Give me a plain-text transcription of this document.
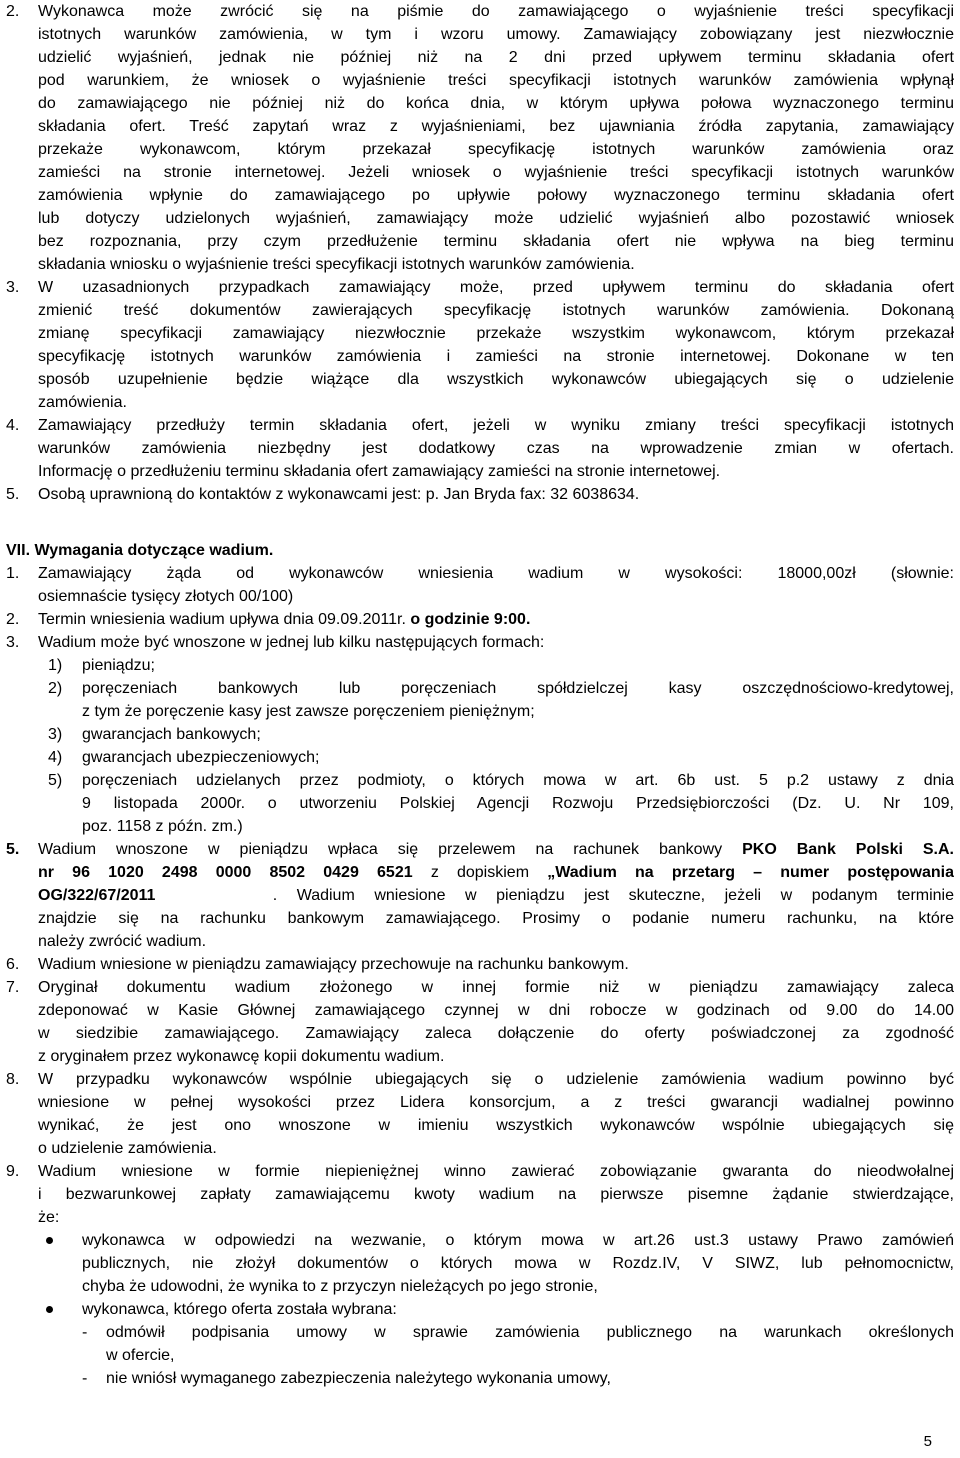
2. Wykonawca może zwrócić się na piśmie do zamawiającego o wyjaśnienie treści specyfikacji
istotnych warunków zamówienia, w tym i wzoru umowy. Zamawiający zobowiązany jest niezwłocznie
udzielić wyjaśnień, jednak nie później niż na 2 dni przed upływem terminu składania ofert
pod warunkiem, że wniosek o wyjaśnienie treści specyfikacji istotnych warunków zamówienia wpłynął
do zamawiającego nie później niż do końca dnia, w którym upływa połowa wyznaczonego terminu
składania ofert. Treść zapytań wraz z wyjaśnieniami, bez ujawniania źródła zapytania, zamawiający
przekaże wykonawcom, którym przekazał specyfikację istotnych warunków zamówienia oraz
zamieści na stronie internetowej. Jeżeli wniosek o wyjaśnienie treści specyfikacji istotnych warunków
zamówienia wpłynie do zamawiającego po upływie połowy wyznaczonego terminu składania ofert
lub dotyczy udzielonych wyjaśnień, zamawiający może udzielić wyjaśnień albo pozostawić wniosek
bez rozpoznania, przy czym przedłużenie terminu składania ofert nie wpływa na bieg terminu
składania wniosku o wyjaśnienie treści specyfikacji istotnych warunków zamówienia.
3. W uzasadnionych przypadkach zamawiający może, przed upływem terminu do składania ofert
zmienić treść dokumentów zawierających specyfikację istotnych warunków zamówienia. Dokonaną
zmianę specyfikacji zamawiający niezwłocznie przekaże wszystkim wykonawcom, którym przekazał
specyfikację istotnych warunków zamówienia i zamieści na stronie internetowej. Dokonane w ten
sposób uzupełnienie będzie wiążące dla wszystkich wykonawców ubiegających się o udzielenie
zamówienia.
4. Zamawiający przedłuży termin składania ofert, jeżeli w wyniku zmiany treści specyfikacji istotnych
warunków zamówienia niezbędny jest dodatkowy czas na wprowadzenie zmian w ofertach.
Informację o przedłużeniu terminu składania ofert zamawiający zamieści na stronie internetowej.
5. Osobą uprawnioną do kontaktów z wykonawcami jest: p. Jan Bryda fax: 32 6038634.
VII. Wymagania dotyczące wadium.
1. Zamawiający żąda od wykonawców wniesienia wadium w wysokości: 18000,00zł (słownie:
osiemnaście tysięcy złotych 00/100)
2. Termin wniesienia wadium upływa dnia 09.09.2011r. o godzinie 9:00.
3. Wadium może być wnoszone w jednej lub kilku następujących formach:
1)	pieniądzu;
2)	poręczeniach bankowych lub poręczeniach spółdzielczej kasy oszczędnościowo-kredytowej,
z tym że poręczenie kasy jest zawsze poręczeniem pieniężnym;
3)	gwarancjach bankowych;
4)	gwarancjach ubezpieczeniowych;
5)	poręczeniach udzielanych przez podmioty, o których mowa w art. 6b ust. 5 p.2 ustawy z dnia
9 listopada 2000r. o utworzeniu Polskiej Agencji Rozwoju Przedsiębiorczości (Dz. U. Nr 109,
poz. 1158 z późn. zm.)
5. Wadium wnoszone w pieniądzu wpłaca się przelewem na rachunek bankowy PKO Bank Polski S.A.
nr 96 1020 2498 0000 8502 0429 6521 z dopiskiem „Wadium na przetarg – numer postępowania
OG/322/67/2011	. Wadium wniesione w pieniądzu jest skuteczne, jeżeli w podanym terminie
znajdzie się na rachunku bankowym zamawiającego. Prosimy o podanie numeru rachunku, na które
należy zwrócić wadium.
6. Wadium wniesione w pieniądzu zamawiający przechowuje na rachunku bankowym.
7. Oryginał dokumentu wadium złożonego w innej formie niż w pieniądzu zamawiający zaleca
zdeponować w Kasie Głównej zamawiającego czynnej w dni robocze w godzinach od 9.00 do 14.00
w siedzibie zamawiającego. Zamawiający zaleca dołączenie do oferty poświadczonej za zgodność
z oryginałem przez wykonawcę kopii dokumentu wadium.
8. W przypadku wykonawców wspólnie ubiegających się o udzielenie zamówienia wadium powinno być
wniesione w pełnej wysokości przez Lidera konsorcjum, a z treści gwarancji wadialnej powinno
wynikać, że jest ono wnoszone w imieniu wszystkich wykonawców wspólnie ubiegających się
o udzielenie zamówienia.
9. Wadium wniesione w formie niepieniężnej winno zawierać zobowiązanie gwaranta do nieodwołalnej
i bezwarunkowej zapłaty zamawiającemu kwoty wadium na pierwsze pisemne żądanie stwierdzające,
że:
wykonawca w odpowiedzi na wezwanie, o którym mowa w art.26 ust.3 ustawy Prawo zamówień
publicznych, nie złożył dokumentów o których mowa w Rozdz.IV, V SIWZ, lub pełnomocnictw,
chyba że udowodni, że wynika to z przyczyn nieleżących po jego stronie,
wykonawca, którego oferta została wybrana:
- odmówił podpisania umowy w sprawie zamówienia publicznego na warunkach określonych
w ofercie,
- nie wniósł wymaganego zabezpieczenia należytego wykonania umowy,
5
